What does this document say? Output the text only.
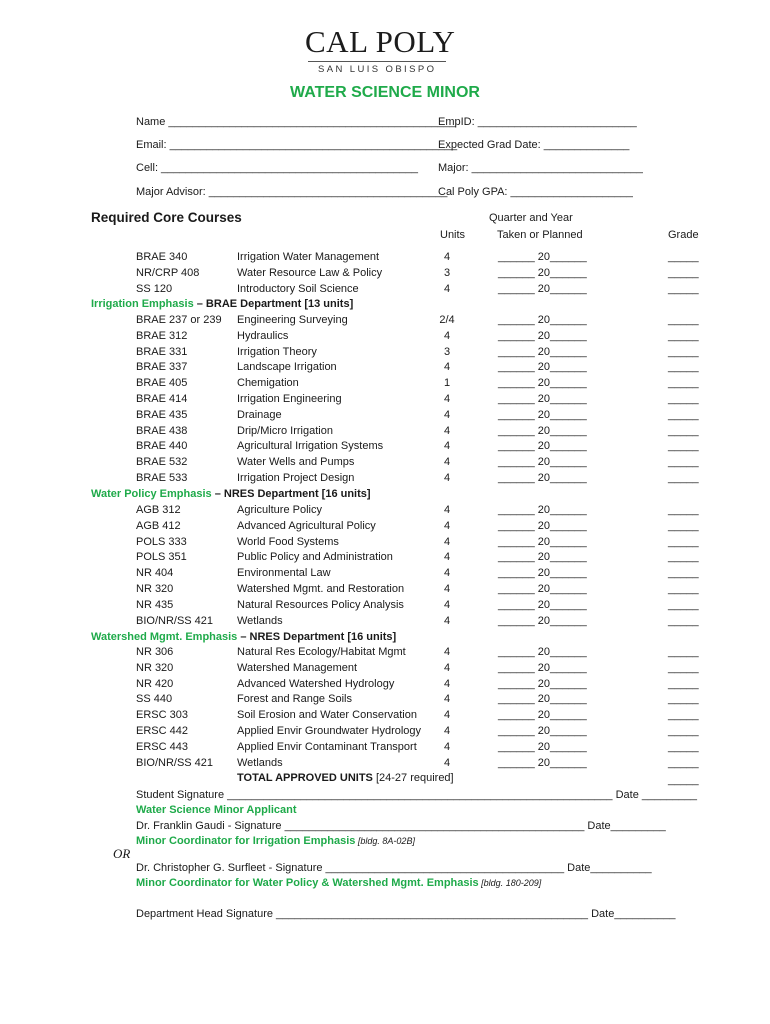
CAL POLY
SAN LUIS OBISPO
WATER SCIENCE MINOR
Name _______________________________________________
EmpID: __________________________
Email: _______________________________________________
Expected Grad Date: ______________
Cell: __________________________________________ Major: ____________________________
Major Advisor: _______________________________________
Cal Poly GPA: ____________________
Required Core Courses	Quarter and Year
Units	Taken or Planned	Grade
BRAE 340	Irrigation Water Management	4	______ 20______	_____
NR/CRP 408	Water Resource Law & Policy	3	______ 20______	_____
SS 120	Introductory Soil Science	4	______ 20______	_____
Irrigation Emphasis – BRAE Department [13 units]
Water Policy Emphasis – NRES Department [16 units]
Watershed Mgmt. Emphasis – NRES Department [16 units]
BRAE 237 or 239 Engineering Surveying	2/4	______ 20______	_____
BRAE 312	Hydraulics	4	______ 20______	_____
BRAE 331	Irrigation Theory	3	______ 20______	_____
BRAE 337	Landscape Irrigation	4	______ 20______	_____
BRAE 405	Chemigation	1	______ 20______	_____
BRAE 414	Irrigation Engineering	4	______ 20______	_____
BRAE 435	Drainage	4	______ 20______	_____
BRAE 438	Drip/Micro Irrigation	4	______ 20______	_____
BRAE 440	Agricultural Irrigation Systems	4	______ 20______	_____
BRAE 532	Water Wells and Pumps	4	______ 20______	_____
BRAE 533	Irrigation Project Design	4	______ 20______	_____
AGB 312	Agriculture Policy	4	______ 20______	_____
AGB 412	Advanced Agricultural Policy	4	______ 20______	_____
POLS 333	World Food Systems	4	______ 20______	_____
POLS 351	Public Policy and Administration	4	______ 20______	_____
NR 404	Environmental Law	4	______ 20______	_____
NR 320	Watershed Mgmt. and Restoration	4	______ 20______	_____
NR 435	Natural Resources Policy Analysis	4	______ 20______	_____
BIO/NR/SS 421 Wetlands	4	______ 20______	_____
NR 306	Natural Res Ecology/Habitat Mgmt	4	______ 20______	_____
NR 320	Watershed Management	4	______ 20______	_____
NR 420	Advanced Watershed Hydrology	4	______ 20______	_____
SS 440	Forest and Range Soils	4	______ 20______	_____
ERSC 303	Soil Erosion and Water Conservation	4	______ 20______	_____
ERSC 442	Applied Envir Groundwater Hydrology	4	______ 20______	_____
ERSC 443	Applied Envir Contaminant Transport	4	______ 20______	_____
BIO/NR/SS 421 Wetlands	4	______ 20______	_____
TOTAL APPROVED UNITS [24-27 required]	_____
Student Signature _______________________________________________________________ Date _________
Water Science Minor Applicant
Dr. Franklin Gaudi - Signature _________________________________________________ Date_________
Minor Coordinator for Irrigation Emphasis [bldg. 8A-02B]
OR
Dr. Christopher G. Surfleet - Signature _______________________________________ Date__________
Minor Coordinator for Water Policy & Watershed Mgmt. Emphasis [bldg. 180-209]
Department Head Signature ___________________________________________________ Date__________
